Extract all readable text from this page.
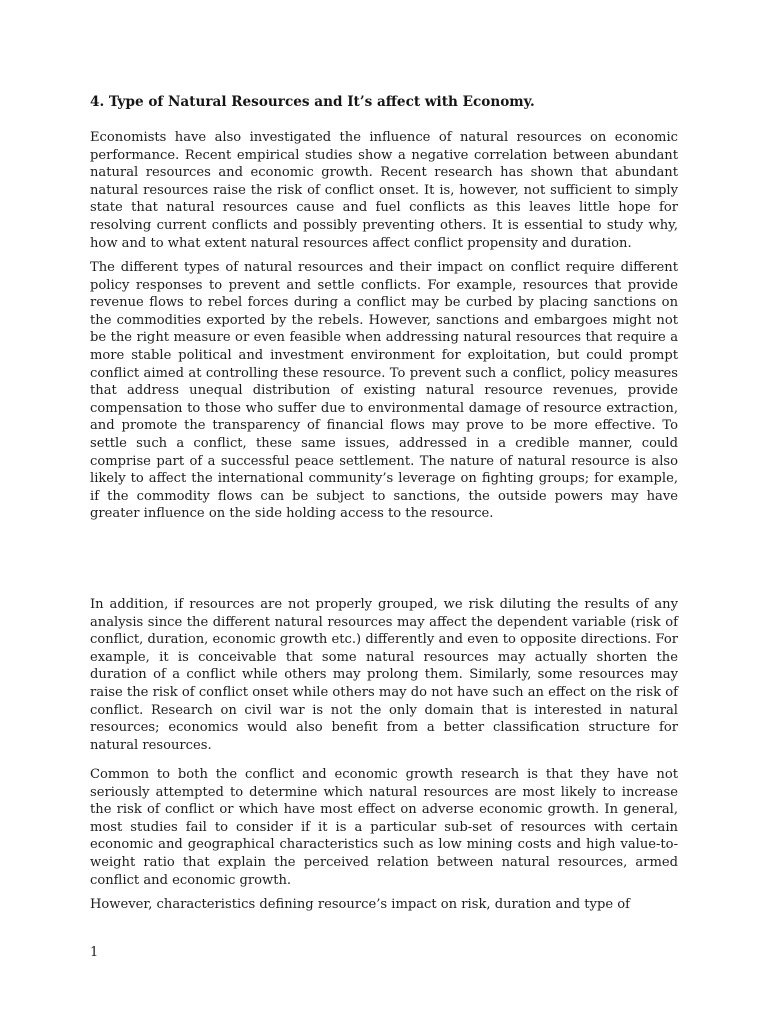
4. Type of Natural Resources and It’s affect with Economy.

Economists have also investigated the influence of natural resources on economic performance. Recent empirical studies show a negative correlation between abundant natural resources and economic growth. Recent research has shown that abundant natural resources raise the risk of conflict onset. It is, however, not sufficient to simply state that natural resources cause and fuel conflicts as this leaves little hope for resolving current conflicts and possibly preventing others. It is essential to study why, how and to what extent natural resources affect conflict propensity and duration.

The different types of natural resources and their impact on conflict require different policy responses to prevent and settle conflicts. For example, resources that provide revenue flows to rebel forces during a conflict may be curbed by placing sanctions on the commodities exported by the rebels. However, sanctions and embargoes might not be the right measure or even feasible when addressing natural resources that require a more stable political and investment environment for exploitation, but could prompt conflict aimed at controlling these resource. To prevent such a conflict, policy measures that address unequal distribution of existing natural resource revenues, provide compensation to those who suffer due to environmental damage of resource extraction, and promote the transparency of financial flows may prove to be more effective. To settle such a conflict, these same issues, addressed in a credible manner, could comprise part of a successful peace settlement. The nature of natural resource is also likely to affect the international community’s leverage on fighting groups; for example, if the commodity flows can be subject to sanctions, the outside powers may have greater influence on the side holding access to the resource.

In addition, if resources are not properly grouped, we risk diluting the results of any analysis since the different natural resources may affect the dependent variable (risk of conflict, duration, economic growth etc.) differently and even to opposite directions. For example, it is conceivable that some natural resources may actually shorten the duration of a conflict while others may prolong them. Similarly, some resources may raise the risk of conflict onset while others may do not have such an effect on the risk of conflict. Research on civil war is not the only domain that is interested in natural resources; economics would also benefit from a better classification structure for natural resources.

Common to both the conflict and economic growth research is that they have not seriously attempted to determine which natural resources are most likely to increase the risk of conflict or which have most effect on adverse economic growth. In general, most studies fail to consider if it is a particular sub-set of resources with certain economic and geographical characteristics such as low mining costs and high value-to-weight ratio that explain the perceived relation between natural resources, armed conflict and economic growth.

However, characteristics defining resource’s impact on risk, duration and type of

1
